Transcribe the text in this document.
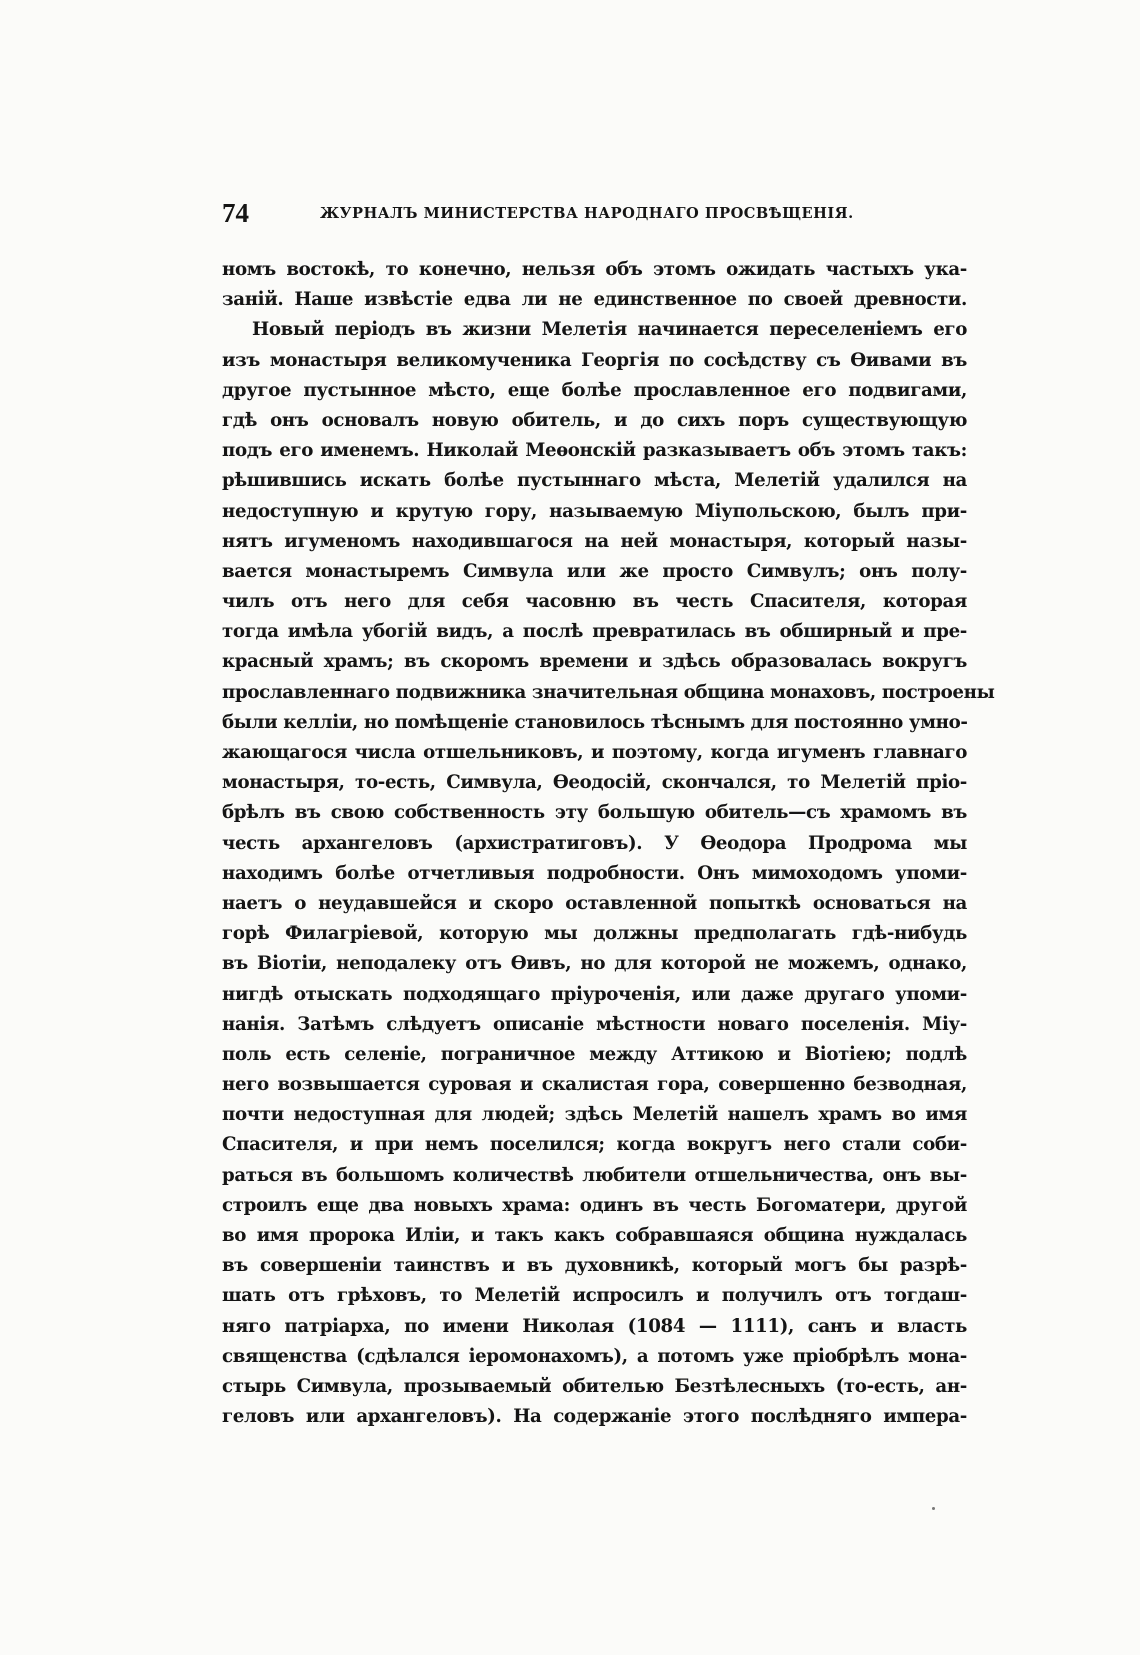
74	ЖУРНАЛЪ МИНИСТЕРСТВА НАРОДНАГО ПРОСВѢЩЕНІЯ.
номъ востокѣ, то конечно, нельзя объ этомъ ожидать частыхъ ука-
заній. Наше извѣстіе едва ли не единственное по своей древности.
Новый періодъ въ жизни Мелетія начинается переселеніемъ его
изъ монастыря великомученика Георгія по сосѣдству съ Ѳивами въ
другое пустынное мѣсто, еще болѣе прославленное его подвигами,
гдѣ онъ основалъ новую обитель, и до сихъ поръ существующую
подъ его именемъ. Николай Меѳонскій разказываетъ объ этомъ такъ:
рѣшившись искать болѣе пустыннаго мѣста, Мелетій удалился на
недоступную и крутую гору, называемую Міупольскою, былъ при-
нятъ игуменомъ находившагося на ней монастыря, который назы-
вается монастыремъ Симвула или же просто Симвулъ; онъ полу-
чилъ отъ него для себя часовню въ честь Спасителя, которая
тогда имѣла убогій видъ, а послѣ превратилась въ обширный и пре-
красный храмъ; въ скоромъ времени и здѣсь образовалась вокругъ
прославленнаго подвижника значительная община монаховъ, построены
были келліи, но помѣщеніе становилось тѣснымъ для постоянно умно-
жающагося числа отшельниковъ, и поэтому, когда игуменъ главнаго
монастыря, то-есть, Симвула, Ѳеодосій, скончался, то Мелетій пріо-
брѣлъ въ свою собственность эту большую обитель—съ храмомъ въ
честь архангеловъ (архистратиговъ). У Ѳеодора Продрома мы
находимъ болѣе отчетливыя подробности. Онъ мимоходомъ упоми-
наетъ о неудавшейся и скоро оставленной попыткѣ основаться на
горѣ Филагріевой, которую мы должны предполагать гдѣ-нибудь
въ Віотіи, неподалеку отъ Ѳивъ, но для которой не можемъ, однако,
нигдѣ отыскать подходящаго пріуроченія, или даже другаго упоми-
нанія. Затѣмъ слѣдуетъ описаніе мѣстности новаго поселенія. Міу-
поль есть селеніе, пограничное между Аттикою и Віотіею; подлѣ
него возвышается суровая и скалистая гора, совершенно безводная,
почти недоступная для людей; здѣсь Мелетій нашелъ храмъ во имя
Спасителя, и при немъ поселился; когда вокругъ него стали соби-
раться въ большомъ количествѣ любители отшельничества, онъ вы-
строилъ еще два новыхъ храма: одинъ въ честь Богоматери, другой
во имя пророка Иліи, и такъ какъ собравшаяся община нуждалась
въ совершеніи таинствъ и въ духовникѣ, который могъ бы разрѣ-
шать отъ грѣховъ, то Мелетій испросилъ и получилъ отъ тогдаш-
няго патріарха, по имени Николая (1084 — 1111), санъ и власть
священства (сдѣлался іеромонахомъ), а потомъ уже пріобрѣлъ мона-
стырь Симвула, прозываемый обителью Безтѣлесныхъ (то-есть, ан-
геловъ или архангеловъ). На содержаніе этого послѣдняго импера-
